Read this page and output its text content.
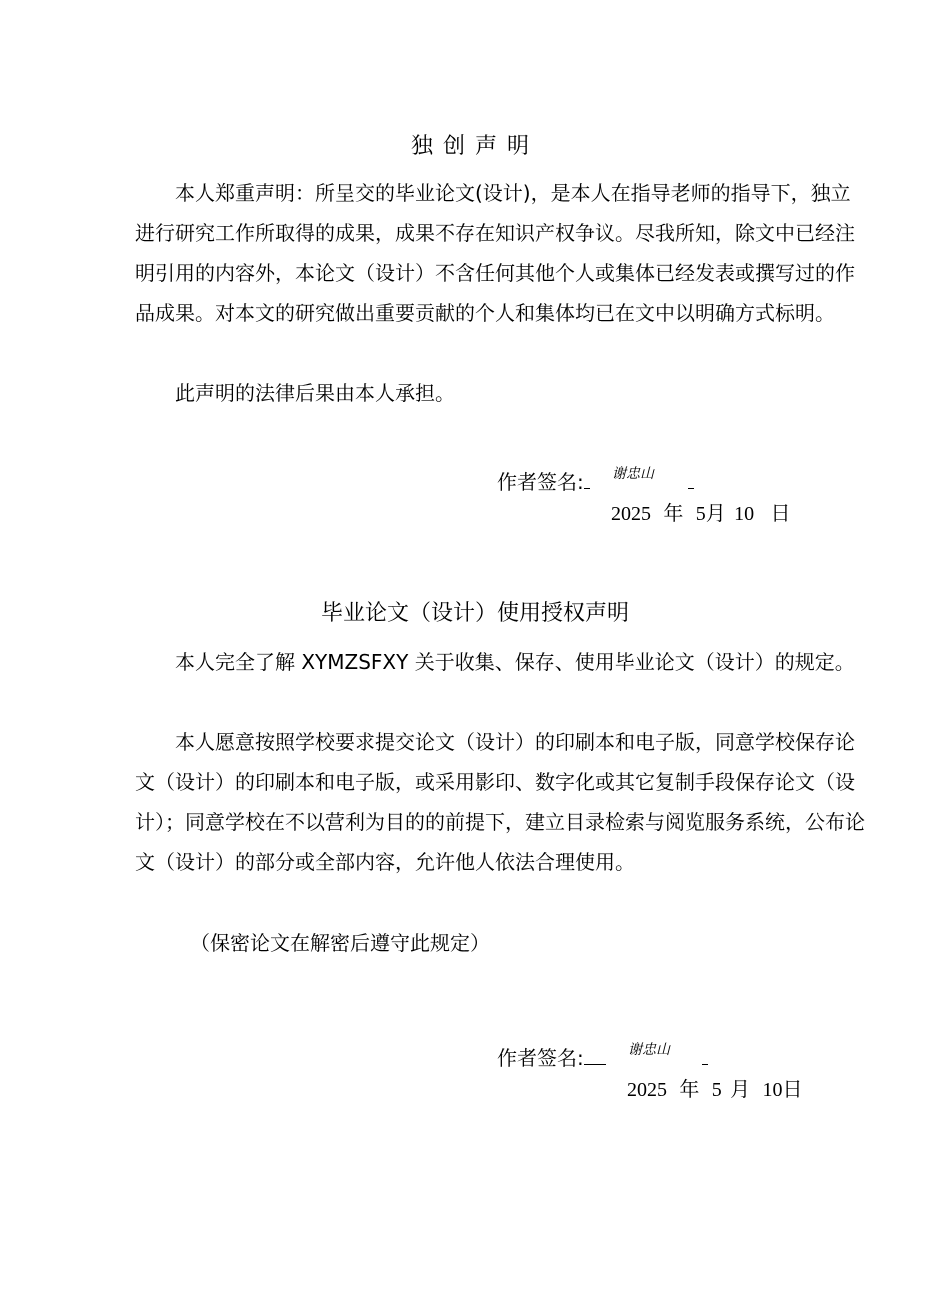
独创声明

本人郑重声明：所呈交的毕业论文(设计)，是本人在指导老师的指导下，独立进行研究工作所取得的成果，成果不存在知识产权争议。尽我所知，除文中已经注明引用的内容外，本论文（设计）不含任何其他个人或集体已经发表或撰写过的作品成果。对本文的研究做出重要贡献的个人和集体均已在文中以明确方式标明。

此声明的法律后果由本人承担。

作者签名:	谢忠山
2025 年 5月 10 日
毕业论文（设计）使用授权声明

本人完全了解 XYMZSFXY 关于收集、保存、使用毕业论文（设计）的规定。

本人愿意按照学校要求提交论文（设计）的印刷本和电子版，同意学校保存论文（设计）的印刷本和电子版，或采用影印、数字化或其它复制手段保存论文（设计）；同意学校在不以营利为目的的前提下，建立目录检索与阅览服务系统，公布论文（设计）的部分或全部内容，允许他人依法合理使用。

（保密论文在解密后遵守此规定）
作者签名:	谢忠山
2025 年 5 月 10日
